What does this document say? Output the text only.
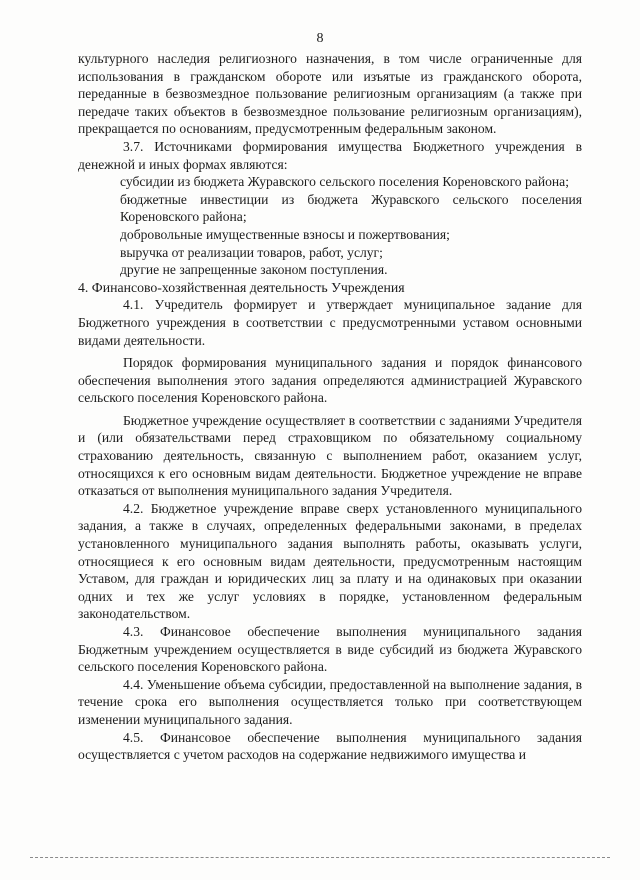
8

культурного наследия религиозного назначения, в том числе ограниченные для использования в гражданском обороте или изъятые из гражданского оборота, переданные в безвозмездное пользование религиозным организациям (а также при передаче таких объектов в безвозмездное пользование религиозным организациям), прекращается по основаниям, предусмотренным федеральным законом.

3.7. Источниками формирования имущества Бюджетного учреждения в денежной и иных формах являются:

субсидии из бюджета Журавского сельского поселения Кореновского района;

бюджетные инвестиции из бюджета Журавского сельского поселения Кореновского района;

добровольные имущественные взносы и пожертвования;

выручка от реализации товаров, работ, услуг;

другие не запрещенные законом поступления.

4. Финансово-хозяйственная деятельность Учреждения

4.1. Учредитель формирует и утверждает муниципальное задание для Бюджетного учреждения в соответствии с предусмотренными уставом основными видами деятельности.

Порядок формирования муниципального задания и порядок финансового обеспечения выполнения этого задания определяются администрацией Журавского сельского поселения Кореновского района.

Бюджетное учреждение осуществляет в соответствии с заданиями Учредителя и (или обязательствами перед страховщиком по обязательному социальному страхованию деятельность, связанную с выполнением работ, оказанием услуг, относящихся к его основным видам деятельности. Бюджетное учреждение не вправе отказаться от выполнения муниципального задания Учредителя.

4.2. Бюджетное учреждение вправе сверх установленного муниципального задания, а также в случаях, определенных федеральными законами, в пределах установленного муниципального задания выполнять работы, оказывать услуги, относящиеся к его основным видам деятельности, предусмотренным настоящим Уставом, для граждан и юридических лиц за плату и на одинаковых при оказании одних и тех же услуг условиях в порядке, установленном федеральным законодательством.

4.3. Финансовое обеспечение выполнения муниципального задания Бюджетным учреждением осуществляется в виде субсидий из бюджета Журавского сельского поселения Кореновского района.

4.4. Уменьшение объема субсидии, предоставленной на выполнение задания, в течение срока его выполнения осуществляется только при соответствующем изменении муниципального задания.

4.5. Финансовое обеспечение выполнения муниципального задания осуществляется с учетом расходов на содержание недвижимого имущества и
